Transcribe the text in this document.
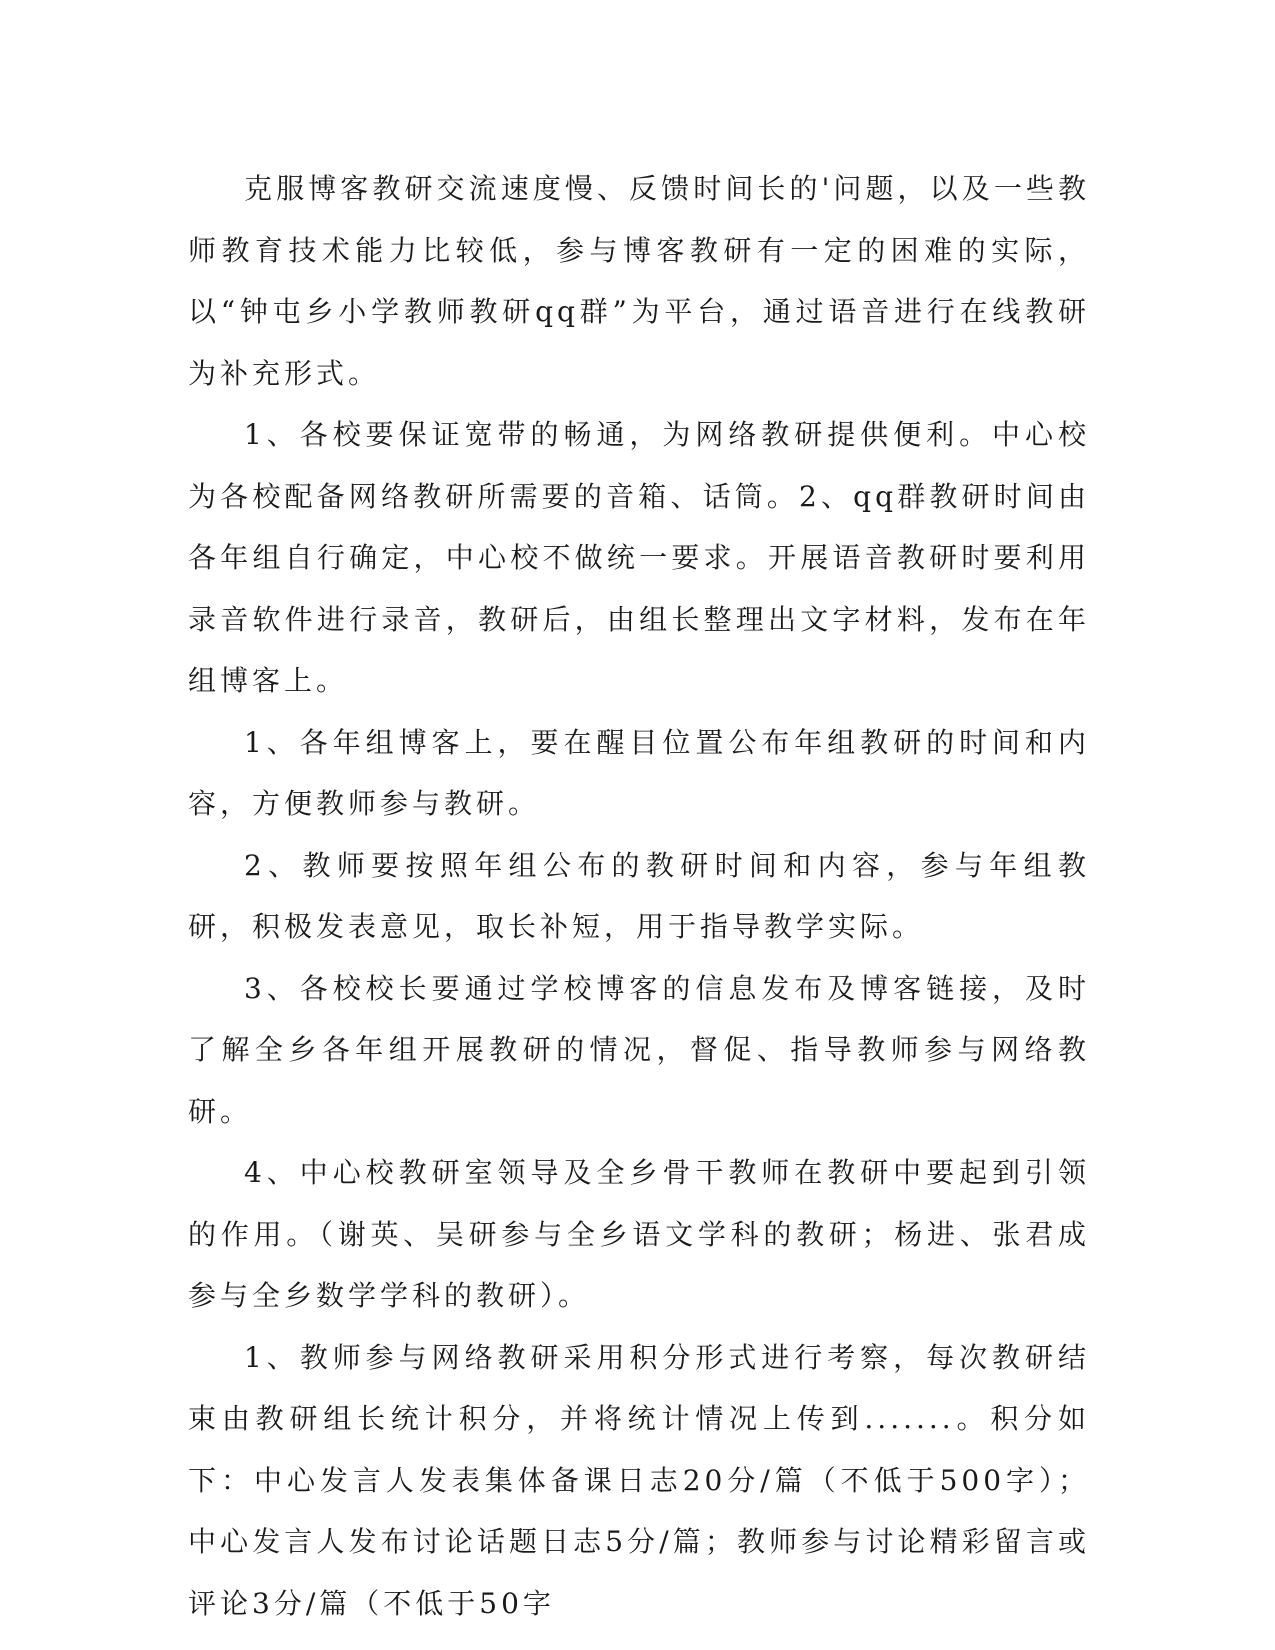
克服博客教研交流速度慢、反馈时间长的'问题，以及一些教师教育技术能力比较低，参与博客教研有一定的困难的实际，以“钟屯乡小学教师教研qq群”为平台，通过语音进行在线教研为补充形式。

1、各校要保证宽带的畅通，为网络教研提供便利。中心校为各校配备网络教研所需要的音箱、话筒。2、qq群教研时间由各年组自行确定，中心校不做统一要求。开展语音教研时要利用录音软件进行录音，教研后，由组长整理出文字材料，发布在年组博客上。

1、各年组博客上，要在醒目位置公布年组教研的时间和内容，方便教师参与教研。

2、教师要按照年组公布的教研时间和内容，参与年组教研，积极发表意见，取长补短，用于指导教学实际。

3、各校校长要通过学校博客的信息发布及博客链接，及时了解全乡各年组开展教研的情况，督促、指导教师参与网络教研。

4、中心校教研室领导及全乡骨干教师在教研中要起到引领的作用。（谢英、吴研参与全乡语文学科的教研；杨进、张君成参与全乡数学学科的教研）。

1、教师参与网络教研采用积分形式进行考察，每次教研结束由教研组长统计积分，并将统计情况上传到.......。积分如下：中心发言人发表集体备课日志20分/篇（不低于500字）；中心发言人发布讨论话题日志5分/篇；教师参与讨论精彩留言或评论3分/篇（不低于50字
